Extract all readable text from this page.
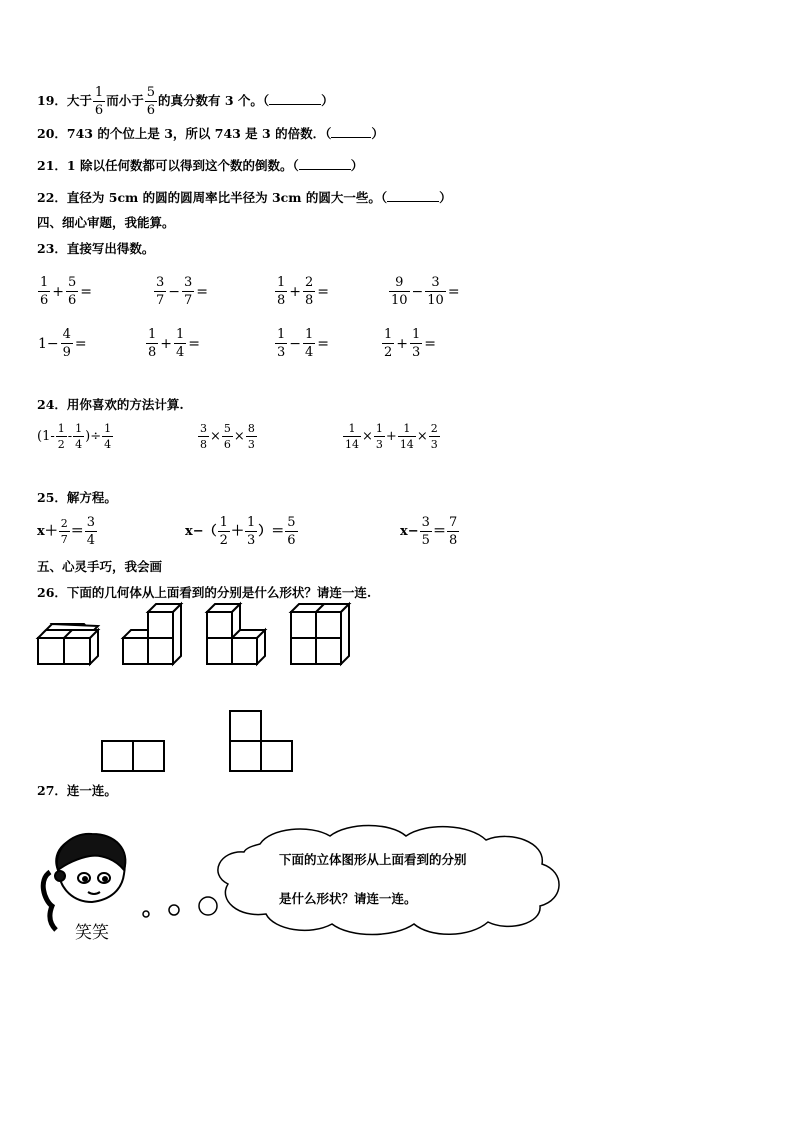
19．大于 $\frac{1}{6}$ 而小于 $\frac{5}{6}$ 的真分数有 3 个。（	）
20．743 的个位上是 3，所以 743 是 3 的倍数．（	）
21．1 除以任何数都可以得到这个数的倒数。（	）
22．直径为 5cm 的圆的圆周率比半径为 3cm 的圆大一些。（	）
四、细心审题，我能算。
23．直接写出得数。
$\frac{1}{6} + \frac{5}{6}$ =	$\frac{3}{7} - \frac{3}{7}$ =	$\frac{1}{8} + \frac{2}{8}$ =	$\frac{9}{10} - \frac{3}{10}$ =
$1- \frac{4}{9}$ =	$\frac{1}{8} + \frac{1}{4}$ =	$\frac{1}{3} - \frac{1}{4}$ =	$\frac{1}{2} + \frac{1}{3}$ =
24．用你喜欢的方法计算.
($1- \frac{1}{2} - \frac{1}{4}$ )÷ $\frac{1}{4}$	$\frac{3}{8} \times \frac{5}{6} \times \frac{8}{3}$	$\frac{1}{14} \times \frac{1}{3} + \frac{1}{14} \times \frac{2}{3}$
25．解方程。
$x+ \frac{2}{7} = \frac{3}{4}$	$x-( \frac{1}{2} + \frac{1}{3}$ ）＝ $\frac{5}{6}$	$x- \frac{3}{5} = \frac{7}{8}$
五、心灵手巧，我会画
26．下面的几何体从上面看到的分别是什么形状？请连一连.
27．连一连。
笑笑
下面的立体图形从上面看到的分别
是什么形状？请连一连。
